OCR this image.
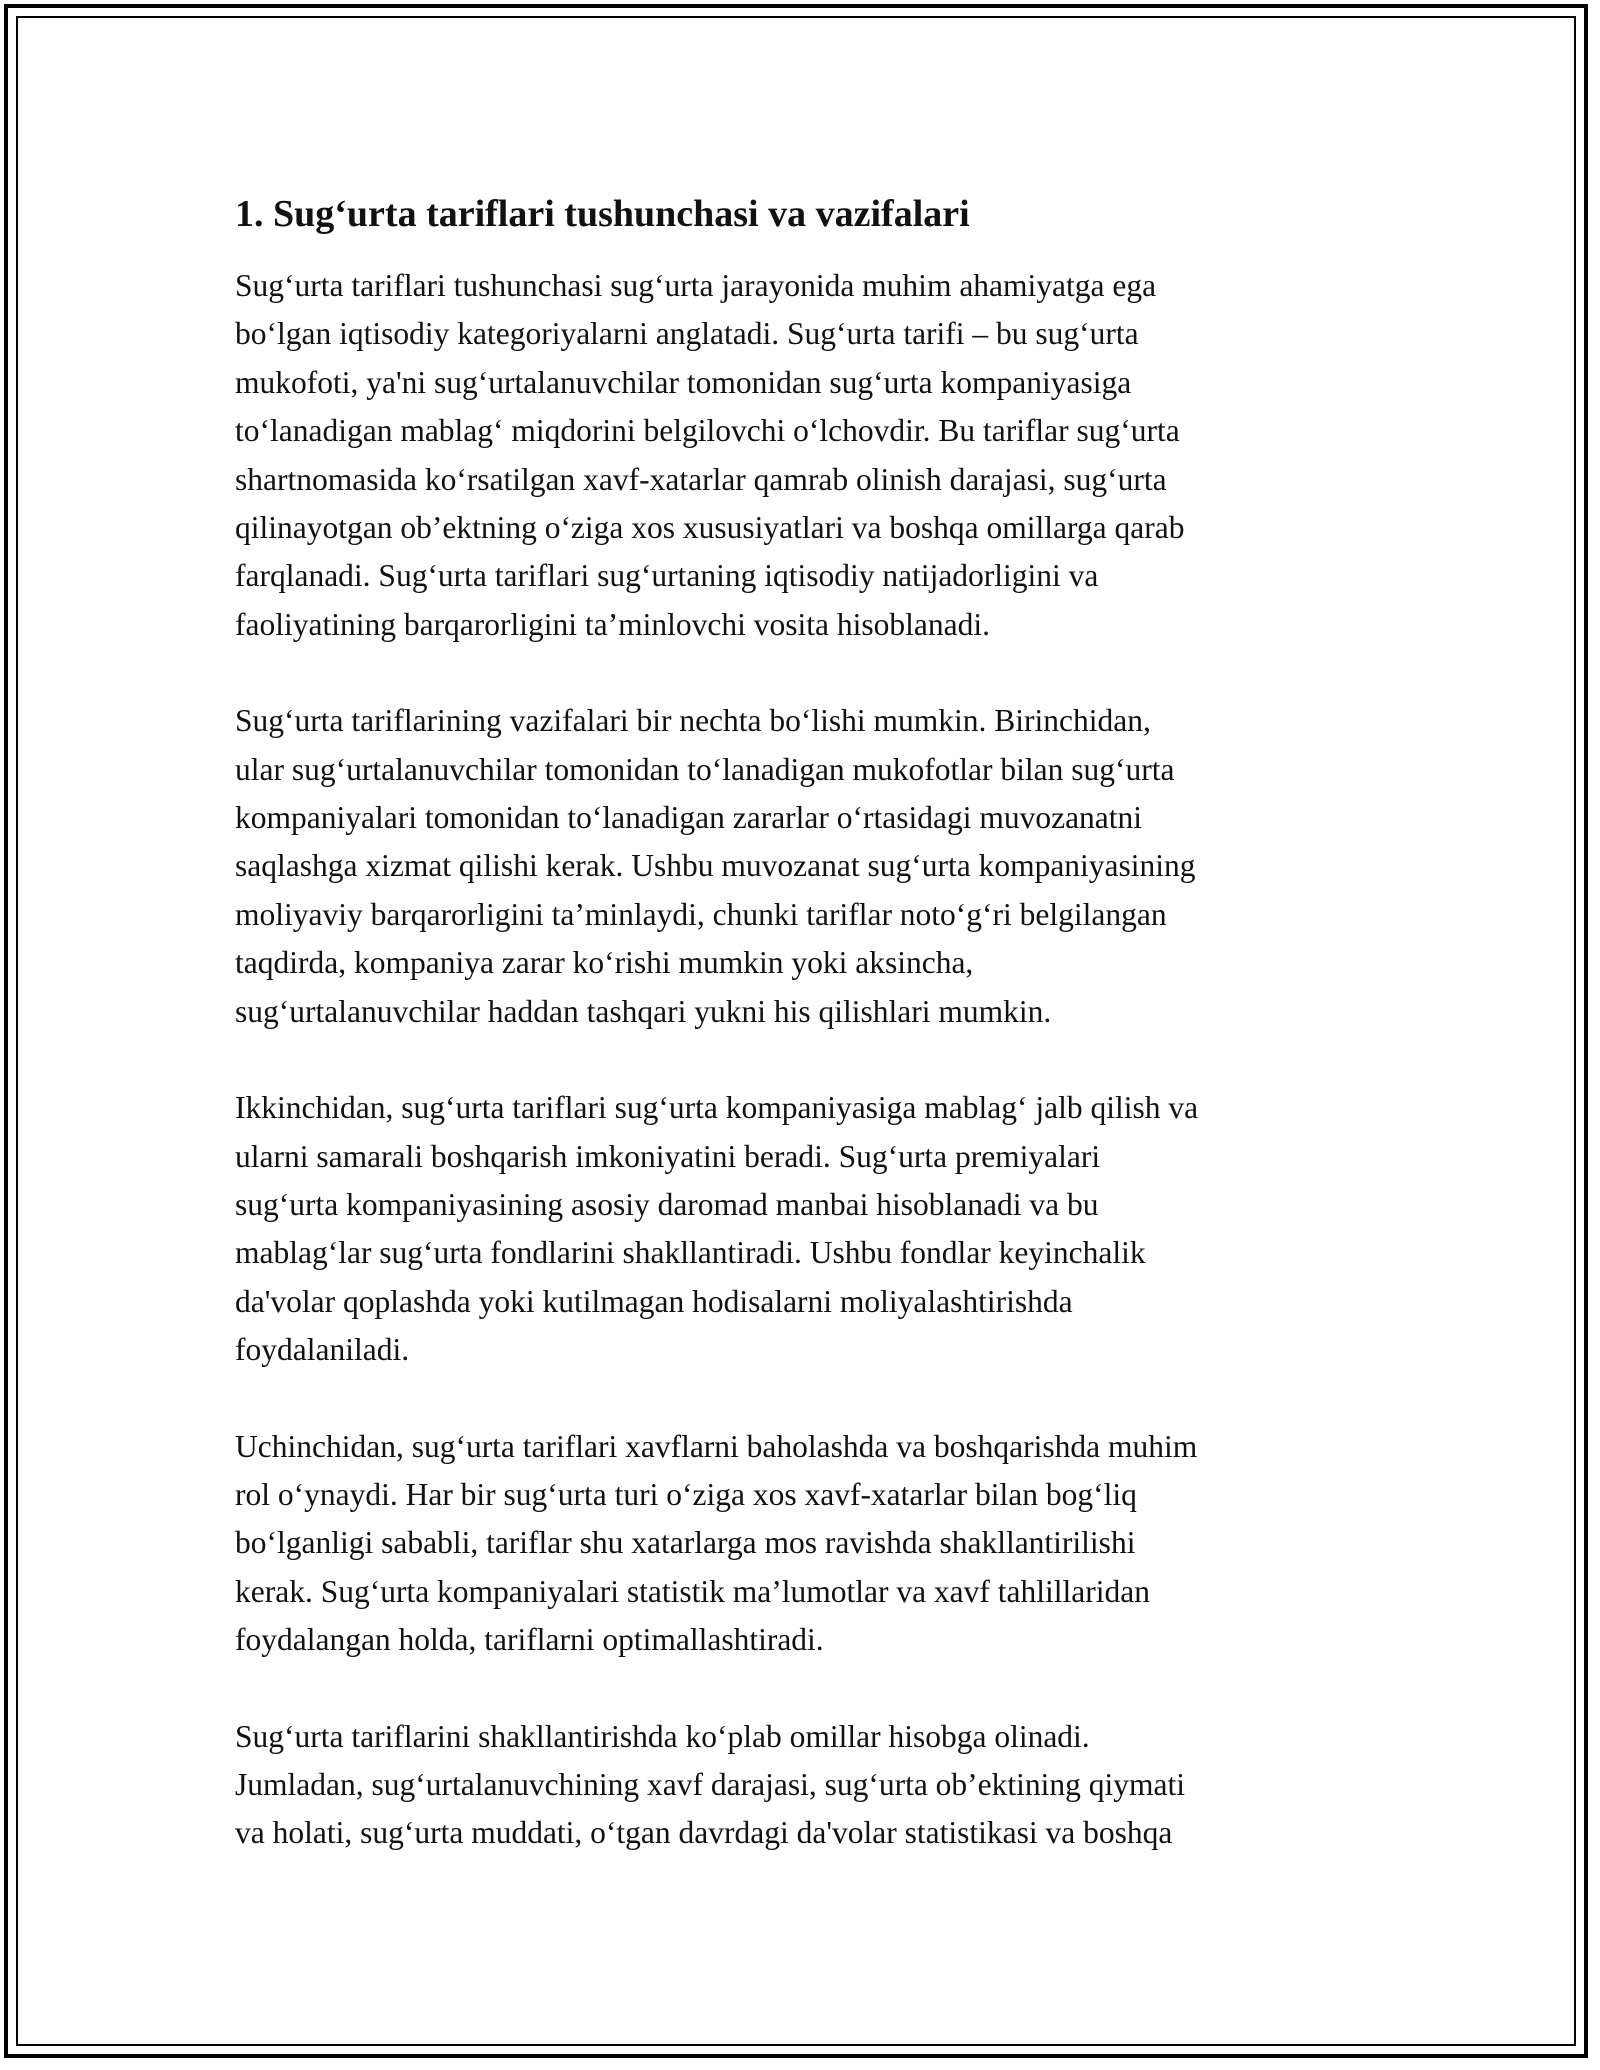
1. Sug‘urta tariflari tushunchasi va vazifalari

Sug‘urta tariflari tushunchasi sug‘urta jarayonida muhim ahamiyatga ega
bo‘lgan iqtisodiy kategoriyalarni anglatadi. Sug‘urta tarifi – bu sug‘urta
mukofoti, ya'ni sug‘urtalanuvchilar tomonidan sug‘urta kompaniyasiga
to‘lanadigan mablag‘ miqdorini belgilovchi o‘lchovdir. Bu tariflar sug‘urta
shartnomasida ko‘rsatilgan xavf-xatarlar qamrab olinish darajasi, sug‘urta
qilinayotgan ob’ektning o‘ziga xos xususiyatlari va boshqa omillarga qarab
farqlanadi. Sug‘urta tariflari sug‘urtaning iqtisodiy natijadorligini va
faoliyatining barqarorligini ta’minlovchi vosita hisoblanadi.

Sug‘urta tariflarining vazifalari bir nechta bo‘lishi mumkin. Birinchidan,
ular sug‘urtalanuvchilar tomonidan to‘lanadigan mukofotlar bilan sug‘urta
kompaniyalari tomonidan to‘lanadigan zararlar o‘rtasidagi muvozanatni
saqlashga xizmat qilishi kerak. Ushbu muvozanat sug‘urta kompaniyasining
moliyaviy barqarorligini ta’minlaydi, chunki tariflar noto‘g‘ri belgilangan
taqdirda, kompaniya zarar ko‘rishi mumkin yoki aksincha,
sug‘urtalanuvchilar haddan tashqari yukni his qilishlari mumkin.

Ikkinchidan, sug‘urta tariflari sug‘urta kompaniyasiga mablag‘ jalb qilish va
ularni samarali boshqarish imkoniyatini beradi. Sug‘urta premiyalari
sug‘urta kompaniyasining asosiy daromad manbai hisoblanadi va bu
mablag‘lar sug‘urta fondlarini shakllantiradi. Ushbu fondlar keyinchalik
da'volar qoplashda yoki kutilmagan hodisalarni moliyalashtirishda
foydalaniladi.

Uchinchidan, sug‘urta tariflari xavflarni baholashda va boshqarishda muhim
rol o‘ynaydi. Har bir sug‘urta turi o‘ziga xos xavf-xatarlar bilan bog‘liq
bo‘lganligi sababli, tariflar shu xatarlarga mos ravishda shakllantirilishi
kerak. Sug‘urta kompaniyalari statistik ma’lumotlar va xavf tahlillaridan
foydalangan holda, tariflarni optimallashtiradi.

Sug‘urta tariflarini shakllantirishda ko‘plab omillar hisobga olinadi.
Jumladan, sug‘urtalanuvchining xavf darajasi, sug‘urta ob’ektining qiymati
va holati, sug‘urta muddati, o‘tgan davrdagi da'volar statistikasi va boshqa
